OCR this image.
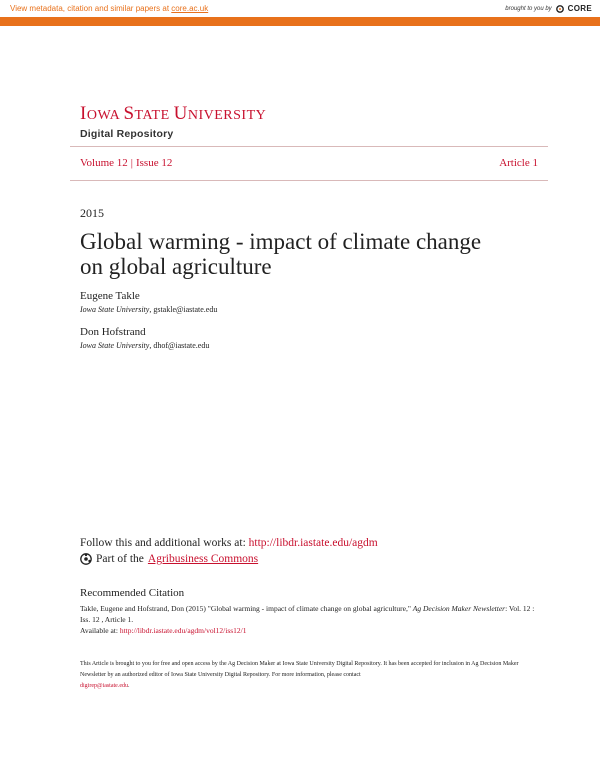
View metadata, citation and similar papers at core.ac.uk	brought to you by CORE
provided by Digital Repository @ Iowa State University
IOWA STATE UNIVERSITY
Digital Repository
Volume 12 | Issue 12	Article 1
2015
Global warming - impact of climate change on global agriculture
Eugene Takle
Iowa State University, gstakle@iastate.edu
Don Hofstrand
Iowa State University, dhof@iastate.edu
Follow this and additional works at: http://libdr.iastate.edu/agdm
Part of the Agribusiness Commons
Recommended Citation
Takle, Eugene and Hofstrand, Don (2015) "Global warming - impact of climate change on global agriculture," Ag Decision Maker Newsletter: Vol. 12 : Iss. 12 , Article 1.
Available at: http://libdr.iastate.edu/agdm/vol12/iss12/1
This Article is brought to you for free and open access by the Ag Decision Maker at Iowa State University Digital Repository. It has been accepted for inclusion in Ag Decision Maker Newsletter by an authorized editor of Iowa State University Digital Repository. For more information, please contact
digirep@iastate.edu.
